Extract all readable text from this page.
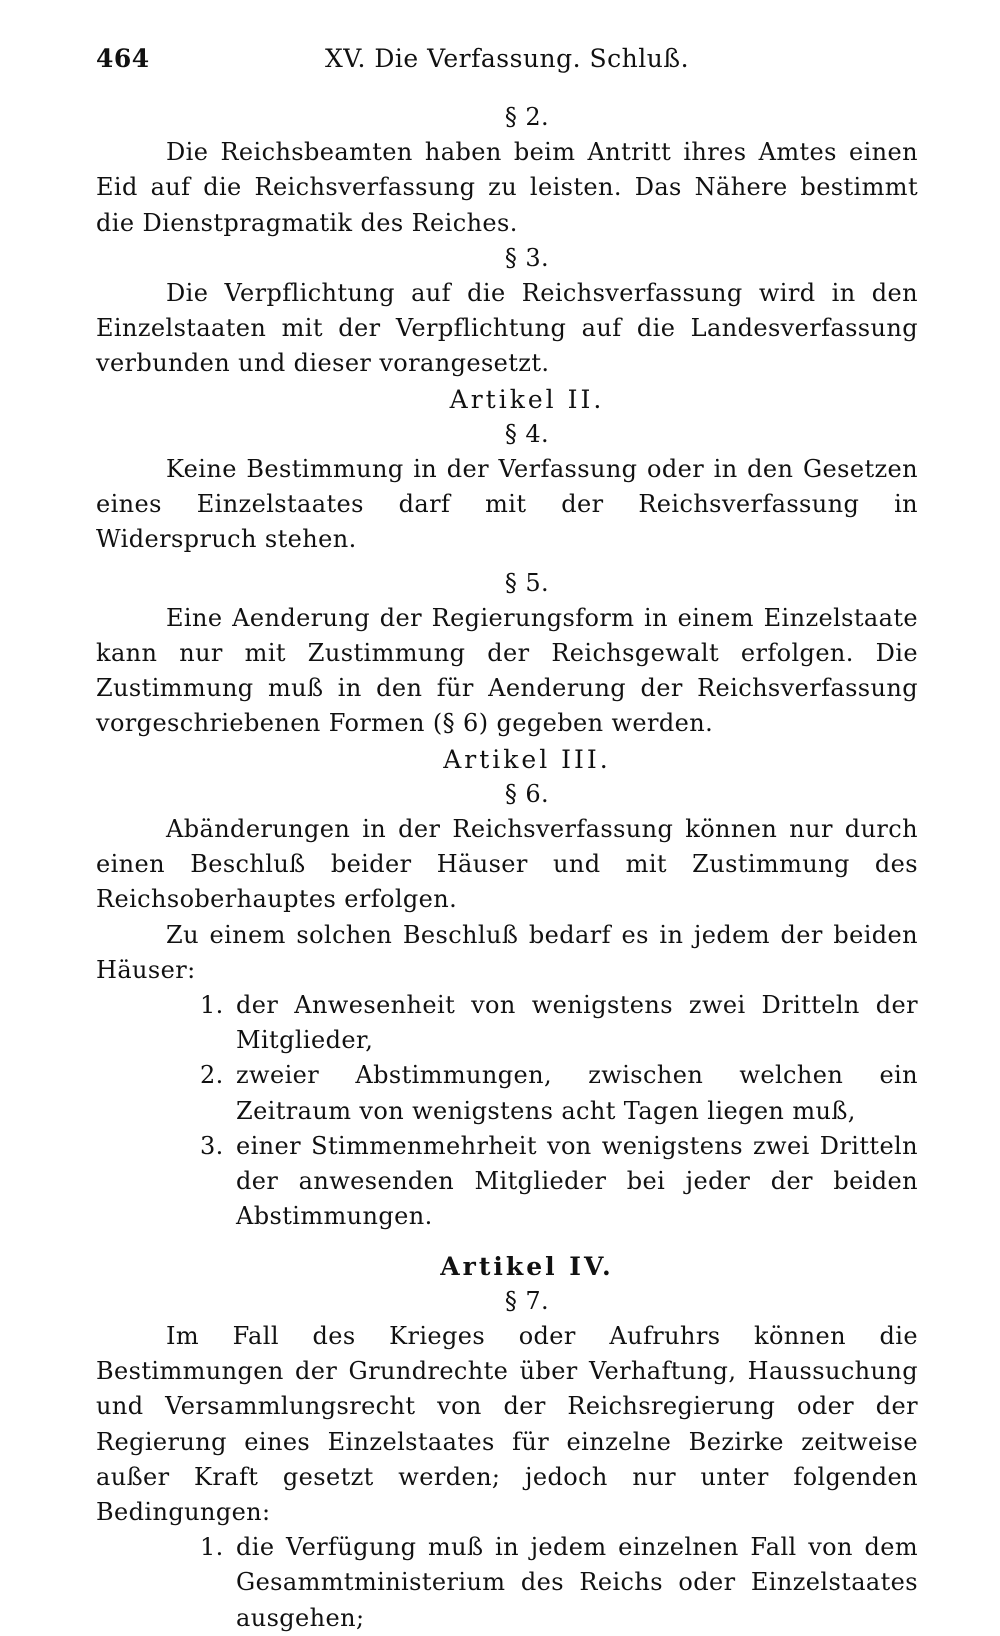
464	XV. Die Verfassung. Schluß.
§ 2.

Die Reichsbeamten haben beim Antritt ihres Amtes einen Eid auf die Reichsverfassung zu leisten. Das Nähere bestimmt die Dienstpragmatik des Reiches.

§ 3.

Die Verpflichtung auf die Reichsverfassung wird in den Einzelstaaten mit der Verpflichtung auf die Landesverfassung verbunden und dieser vorangesetzt.

Artikel II.
§ 4.

Keine Bestimmung in der Verfassung oder in den Gesetzen eines Einzelstaates darf mit der Reichsverfassung in Widerspruch stehen.

§ 5.

Eine Aenderung der Regierungsform in einem Einzelstaate kann nur mit Zustimmung der Reichsgewalt erfolgen. Die Zustimmung muß in den für Aenderung der Reichsverfassung vorgeschriebenen Formen (§ 6) gegeben werden.

Artikel III.
§ 6.

Abänderungen in der Reichsverfassung können nur durch einen Beschluß beider Häuser und mit Zustimmung des Reichsoberhauptes erfolgen.

Zu einem solchen Beschluß bedarf es in jedem der beiden Häuser:

1. der Anwesenheit von wenigstens zwei Dritteln der Mitglieder,
2. zweier Abstimmungen, zwischen welchen ein Zeitraum von wenigstens acht Tagen liegen muß,
3. einer Stimmenmehrheit von wenigstens zwei Dritteln der anwesenden Mitglieder bei jeder der beiden Abstimmungen.
Artikel IV.
§ 7.

Im Fall des Krieges oder Aufruhrs können die Bestimmungen der Grundrechte über Verhaftung, Haussuchung und Versammlungsrecht von der Reichsregierung oder der Regierung eines Einzelstaates für einzelne Bezirke zeitweise außer Kraft gesetzt werden; jedoch nur unter folgenden Bedingungen:

1. die Verfügung muß in jedem einzelnen Fall von dem Gesammtministerium des Reichs oder Einzelstaates ausgehen;
